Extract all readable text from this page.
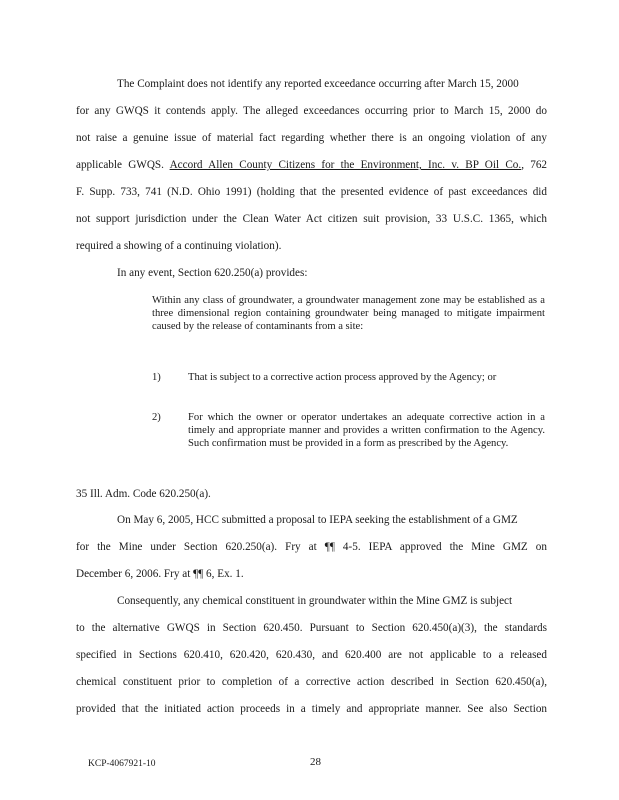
The Complaint does not identify any reported exceedance occurring after March 15, 2000
for any GWQS it contends apply. The alleged exceedances occurring prior to March 15, 2000 do
not raise a genuine issue of material fact regarding whether there is an ongoing violation of any
applicable GWQS. Accord Allen County Citizens for the Environment, Inc. v. BP Oil Co., 762
F. Supp. 733, 741 (N.D. Ohio 1991) (holding that the presented evidence of past exceedances did
not support jurisdiction under the Clean Water Act citizen suit provision, 33 U.S.C. 1365, which
required a showing of a continuing violation).
In any event, Section 620.250(a) provides:
Within any class of groundwater, a groundwater management zone may be established as a three dimensional region containing groundwater being managed to mitigate impairment caused by the release of contaminants from a site:
1)	That is subject to a corrective action process approved by the Agency; or
2)	For which the owner or operator undertakes an adequate corrective action in a timely and appropriate manner and provides a written confirmation to the Agency. Such confirmation must be provided in a form as prescribed by the Agency.
35 Ill. Adm. Code 620.250(a).
On May 6, 2005, HCC submitted a proposal to IEPA seeking the establishment of a GMZ
for the Mine under Section 620.250(a). Fry at ¶¶ 4-5. IEPA approved the Mine GMZ on
December 6, 2006. Fry at ¶¶ 6, Ex. 1.
Consequently, any chemical constituent in groundwater within the Mine GMZ is subject
to the alternative GWQS in Section 620.450. Pursuant to Section 620.450(a)(3), the standards
specified in Sections 620.410, 620.420, 620.430, and 620.400 are not applicable to a released
chemical constituent prior to completion of a corrective action described in Section 620.450(a),
provided that the initiated action proceeds in a timely and appropriate manner. See also Section
KCP-4067921-10	28
